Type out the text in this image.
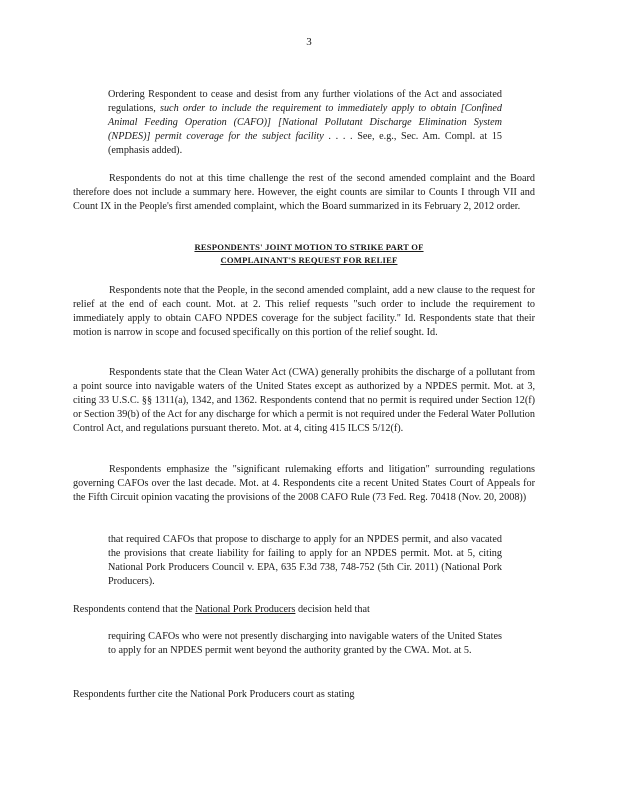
3

Ordering Respondent to cease and desist from any further violations of the Act and associated regulations, such order to include the requirement to immediately apply to obtain [Confined Animal Feeding Operation (CAFO)] [National Pollutant Discharge Elimination System (NPDES)] permit coverage for the subject facility . . . . See, e.g., Sec. Am. Compl. at 15 (emphasis added).

Respondents do not at this time challenge the rest of the second amended complaint and the Board therefore does not include a summary here. However, the eight counts are similar to Counts I through VII and Count IX in the People's first amended complaint, which the Board summarized in its February 2, 2012 order.

RESPONDENTS' JOINT MOTION TO STRIKE PART OF
COMPLAINANT'S REQUEST FOR RELIEF

Respondents note that the People, in the second amended complaint, add a new clause to the request for relief at the end of each count. Mot. at 2. This relief requests "such order to include the requirement to immediately apply to obtain CAFO NPDES coverage for the subject facility." Id. Respondents state that their motion is narrow in scope and focused specifically on this portion of the relief sought. Id.

Respondents state that the Clean Water Act (CWA) generally prohibits the discharge of a pollutant from a point source into navigable waters of the United States except as authorized by a NPDES permit. Mot. at 3, citing 33 U.S.C. §§ 1311(a), 1342, and 1362. Respondents contend that no permit is required under Section 12(f) or Section 39(b) of the Act for any discharge for which a permit is not required under the Federal Water Pollution Control Act, and regulations pursuant thereto. Mot. at 4, citing 415 ILCS 5/12(f).

Respondents emphasize the "significant rulemaking efforts and litigation" surrounding regulations governing CAFOs over the last decade. Mot. at 4. Respondents cite a recent United States Court of Appeals for the Fifth Circuit opinion vacating the provisions of the 2008 CAFO Rule (73 Fed. Reg. 70418 (Nov. 20, 2008))

that required CAFOs that propose to discharge to apply for an NPDES permit, and also vacated the provisions that create liability for failing to apply for an NPDES permit. Mot. at 5, citing National Pork Producers Council v. EPA, 635 F.3d 738, 748-752 (5th Cir. 2011) (National Pork Producers).

Respondents contend that the National Pork Producers decision held that

requiring CAFOs who were not presently discharging into navigable waters of the United States to apply for an NPDES permit went beyond the authority granted by the CWA. Mot. at 5.

Respondents further cite the National Pork Producers court as stating
